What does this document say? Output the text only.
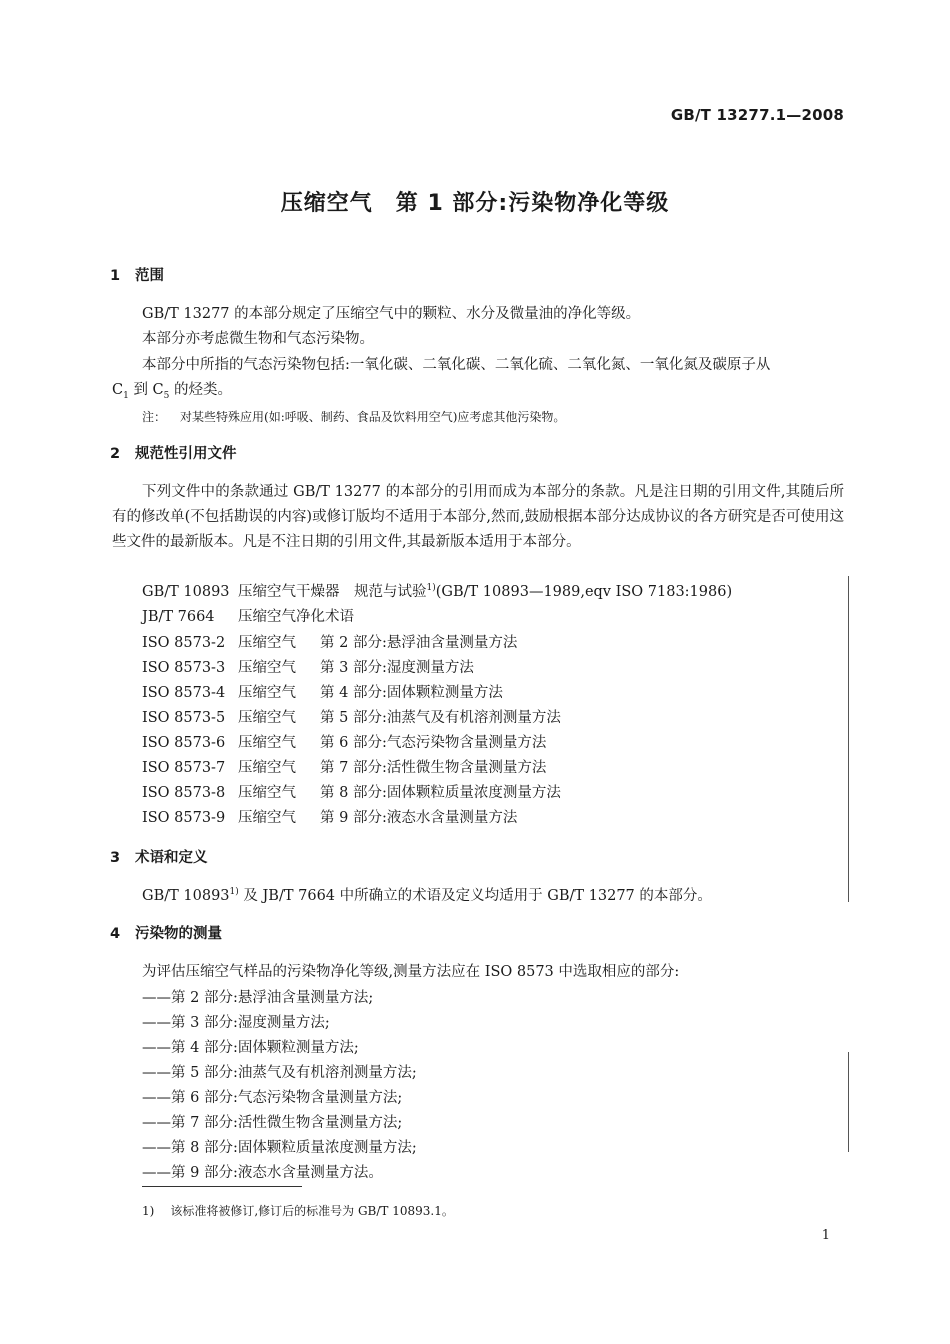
GB/T 13277.1—2008
压缩空气　第 1 部分:污染物净化等级
1 范围
GB/T 13277 的本部分规定了压缩空气中的颗粒、水分及微量油的净化等级。
本部分亦考虑微生物和气态污染物。
本部分中所指的气态污染物包括:一氧化碳、二氧化碳、二氧化硫、二氧化氮、一氧化氮及碳原子从
$C_1$ 到 $C_5$ 的烃类。
注： 对某些特殊应用(如:呼吸、制药、食品及饮料用空气)应考虑其他污染物。
2 规范性引用文件
下列文件中的条款通过 GB/T 13277 的本部分的引用而成为本部分的条款。凡是注日期的引用文件,其随后所有的修改单(不包括勘误的内容)或修订版均不适用于本部分,然而,鼓励根据本部分达成协议的各方研究是否可使用这些文件的最新版本。凡是不注日期的引用文件,其最新版本适用于本部分。
GB/T 10893 压缩空气干燥器　规范与试验$^{1)}$(GB/T 10893—1989,eqv ISO 7183:1986)
JB/T 7664 压缩空气净化术语
ISO 8573-2 压缩空气 第 2 部分:悬浮油含量测量方法
ISO 8573-3 压缩空气 第 3 部分:湿度测量方法
ISO 8573-4 压缩空气 第 4 部分:固体颗粒测量方法
ISO 8573-5 压缩空气 第 5 部分:油蒸气及有机溶剂测量方法
ISO 8573-6 压缩空气 第 6 部分:气态污染物含量测量方法
ISO 8573-7 压缩空气 第 7 部分:活性微生物含量测量方法
ISO 8573-8 压缩空气 第 8 部分:固体颗粒质量浓度测量方法
ISO 8573-9 压缩空气 第 9 部分:液态水含量测量方法
3 术语和定义
GB/T 10893$^{1)}$ 及 JB/T 7664 中所确立的术语及定义均适用于 GB/T 13277 的本部分。
4 污染物的测量
为评估压缩空气样品的污染物净化等级,测量方法应在 ISO 8573 中选取相应的部分:
——第 2 部分:悬浮油含量测量方法;
——第 3 部分:湿度测量方法;
——第 4 部分:固体颗粒测量方法;
——第 5 部分:油蒸气及有机溶剂测量方法;
——第 6 部分:气态污染物含量测量方法;
——第 7 部分:活性微生物含量测量方法;
——第 8 部分:固体颗粒质量浓度测量方法;
——第 9 部分:液态水含量测量方法。
1) 该标准将被修订,修订后的标准号为 GB/T 10893.1。
1
